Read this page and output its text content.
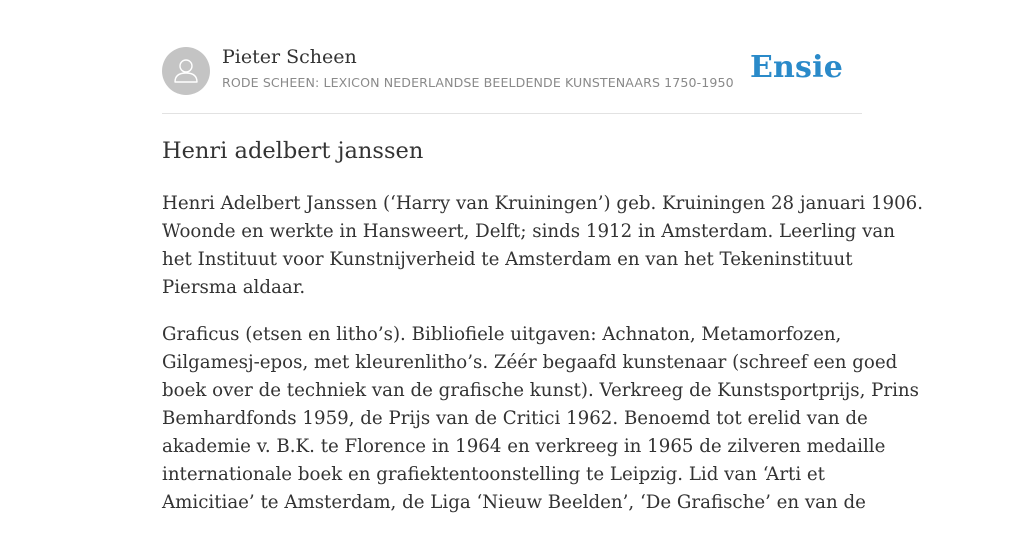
Pieter Scheen
RODE SCHEEN: LEXICON NEDERLANDSE BEELDENDE KUNSTENAARS 1750-1950 Ensie
Henri adelbert janssen

Henri Adelbert Janssen (‘Harry van Kruiningen’) geb. Kruiningen 28 januari 1906.
Woonde en werkte in Hansweert, Delft; sinds 1912 in Amsterdam. Leerling van
het Instituut voor Kunstnijverheid te Amsterdam en van het Tekeninstituut
Piersma aldaar.

Graficus (etsen en litho’s). Bibliofiele uitgaven: Achnaton, Metamorfozen,
Gilgamesj-epos, met kleurenlitho’s. Zéér begaafd kunstenaar (schreef een goed
boek over de techniek van de grafische kunst). Verkreeg de Kunstsportprijs, Prins
Bemhardfonds 1959, de Prijs van de Critici 1962. Benoemd tot erelid van de
akademie v. B.K. te Florence in 1964 en verkreeg in 1965 de zilveren medaille
internationale boek en grafiektentoonstelling te Leipzig. Lid van ‘Arti et
Amicitiae’ te Amsterdam, de Liga ‘Nieuw Beelden’, ‘De Grafische’ en van de
